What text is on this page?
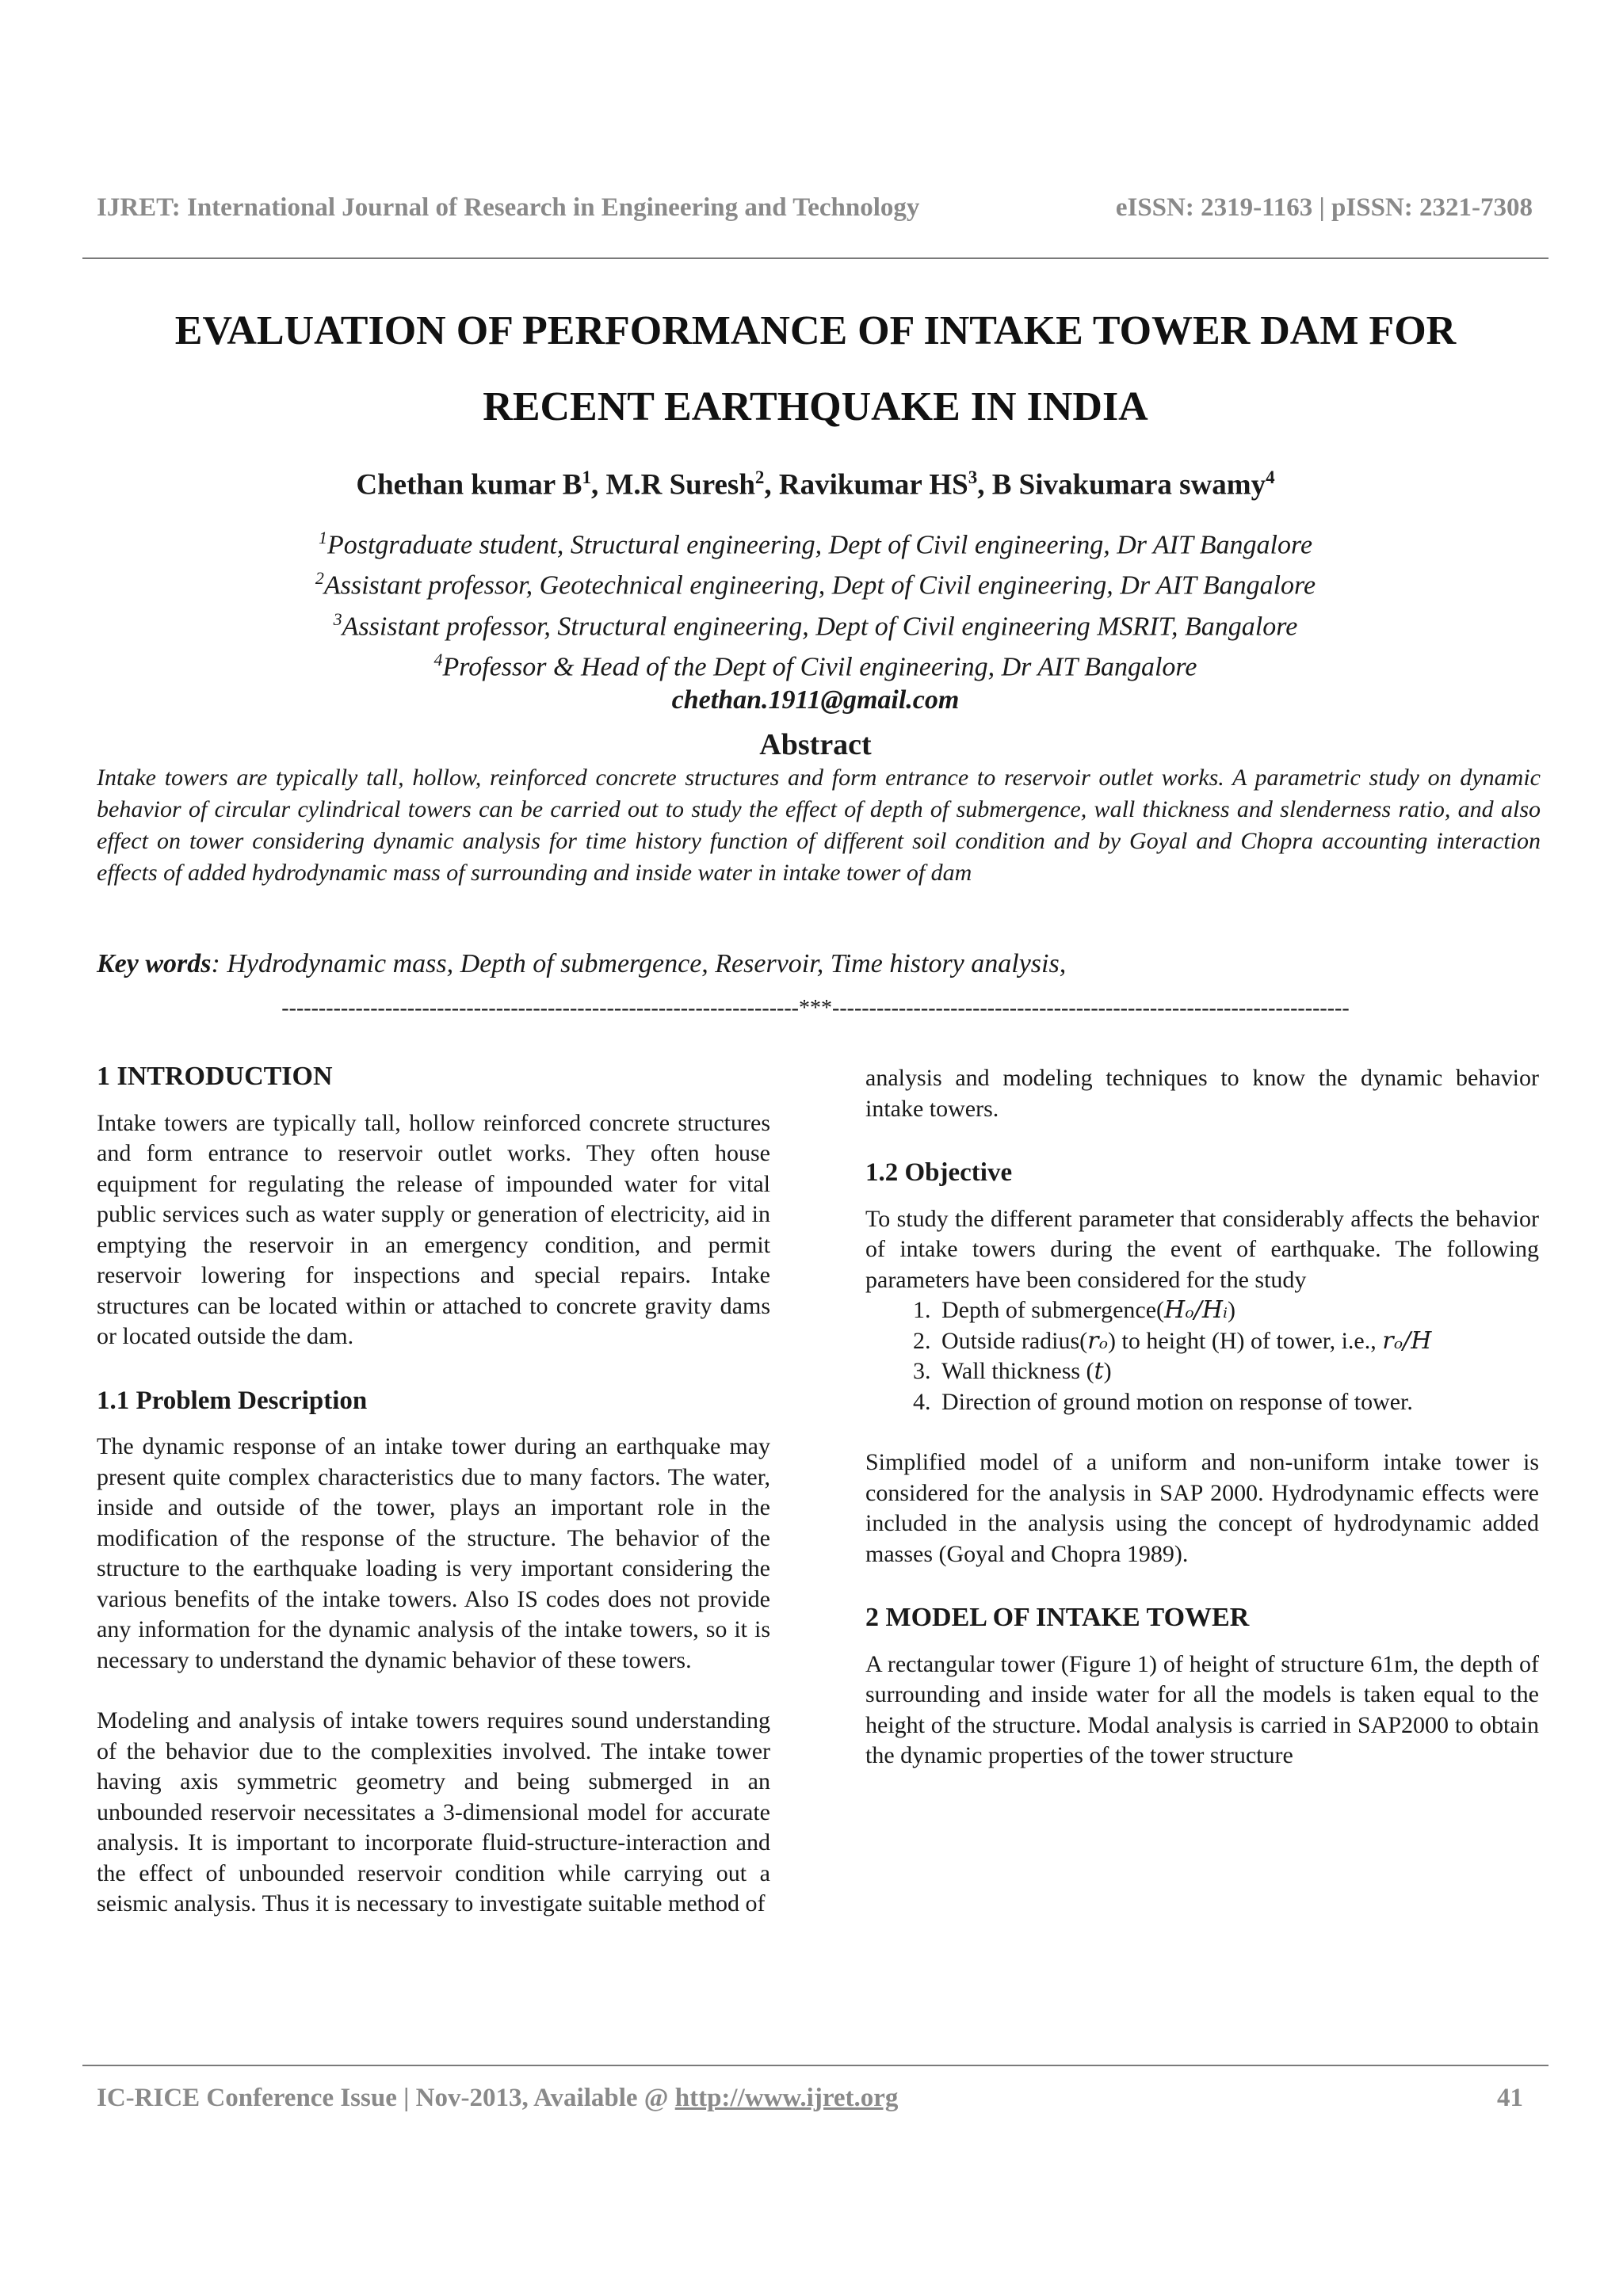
IJRET: International Journal of Research in Engineering and Technology	eISSN: 2319-1163 | pISSN: 2321-7308
EVALUATION OF PERFORMANCE OF INTAKE TOWER DAM FOR
RECENT EARTHQUAKE IN INDIA
Chethan kumar $B^1$, M.R Suresh$^2$, Ravikumar $HS^3$, B Sivakumara swamy$^4$
$^1$Postgraduate student, Structural engineering, Dept of Civil engineering, Dr AIT Bangalore
$^2$Assistant professor, Geotechnical engineering, Dept of Civil engineering, Dr AIT Bangalore
$^3$Assistant professor, Structural engineering, Dept of Civil engineering MSRIT, Bangalore
$^4$Professor & Head of the Dept of Civil engineering, Dr AIT Bangalore
chethan.1911@gmail.com
Abstract
Intake towers are typically tall, hollow, reinforced concrete structures and form entrance to reservoir outlet works. A parametric study on dynamic behavior of circular cylindrical towers can be carried out to study the effect of depth of submergence, wall thickness and slenderness ratio, and also effect on tower considering dynamic analysis for time history function of different soil condition and by Goyal and Chopra accounting interaction effects of added hydrodynamic mass of surrounding and inside water in intake tower of dam
Key words: Hydrodynamic mass, Depth of submergence, Reservoir, Time history analysis,
----------------------------------------------------------------------***----------------------------------------------------------------------
1 INTRODUCTION

Intake towers are typically tall, hollow reinforced concrete structures and form entrance to reservoir outlet works. They often house equipment for regulating the release of impounded water for vital public services such as water supply or generation of electricity, aid in emptying the reservoir in an emergency condition, and permit reservoir lowering for inspections and special repairs. Intake structures can be located within or attached to concrete gravity dams or located outside the dam.

1.1 Problem Description

The dynamic response of an intake tower during an earthquake may present quite complex characteristics due to many factors. The water, inside and outside of the tower, plays an important role in the modification of the response of the structure. The behavior of the structure to the earthquake loading is very important considering the various benefits of the intake towers. Also IS codes does not provide any information for the dynamic analysis of the intake towers, so it is necessary to understand the dynamic behavior of these towers.

Modeling and analysis of intake towers requires sound understanding of the behavior due to the complexities involved. The intake tower having axis symmetric geometry and being submerged in an unbounded reservoir necessitates a 3-dimensional model for accurate analysis. It is important to incorporate fluid-structure-interaction and the effect of unbounded reservoir condition while carrying out a seismic analysis. Thus it is necessary to investigate suitable method of

analysis and modeling techniques to know the dynamic behavior intake towers.

1.2 Objective

To study the different parameter that considerably affects the behavior of intake towers during the event of earthquake. The following parameters have been considered for the study

1. Depth of submergence(Hₒ/Hᵢ)
2. Outside radius(rₒ) to height (H) of tower, i.e., rₒ/H
3. Wall thickness (t)
4. Direction of ground motion on response of tower.

Simplified model of a uniform and non-uniform intake tower is considered for the analysis in SAP 2000. Hydrodynamic effects were included in the analysis using the concept of hydrodynamic added masses (Goyal and Chopra 1989).

2 MODEL OF INTAKE TOWER

A rectangular tower (Figure 1) of height of structure 61m, the depth of surrounding and inside water for all the models is taken equal to the height of the structure. Modal analysis is carried in SAP2000 to obtain the dynamic properties of the tower structure

IC-RICE Conference Issue | Nov-2013, Available @ http://www.ijret.org	41
